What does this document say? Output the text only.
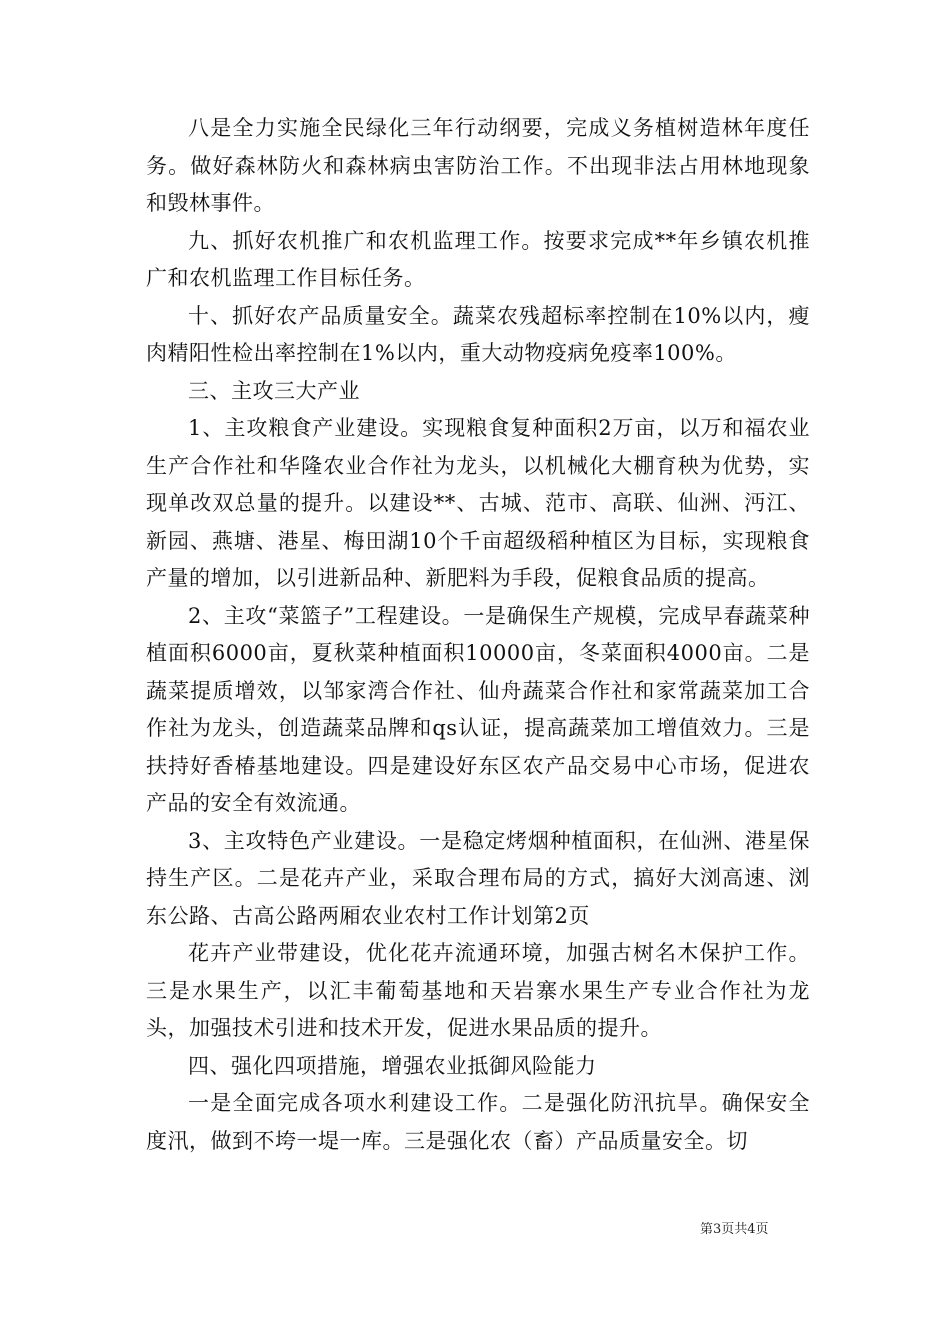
八是全力实施全民绿化三年行动纲要，完成义务植树造林年度任务。做好森林防火和森林病虫害防治工作。不出现非法占用林地现象和毁林事件。

九、抓好农机推广和农机监理工作。按要求完成**年乡镇农机推广和农机监理工作目标任务。

十、抓好农产品质量安全。蔬菜农残超标率控制在10%以内，瘦肉精阳性检出率控制在1%以内，重大动物疫病免疫率100%。

三、主攻三大产业

1、主攻粮食产业建设。实现粮食复种面积2万亩，以万和福农业生产合作社和华隆农业合作社为龙头，以机械化大棚育秧为优势，实现单改双总量的提升。以建设**、古城、范市、高联、仙洲、沔江、新园、燕塘、港星、梅田湖10个千亩超级稻种植区为目标，实现粮食产量的增加，以引进新品种、新肥料为手段，促粮食品质的提高。

2、主攻“菜篮子”工程建设。一是确保生产规模，完成早春蔬菜种植面积6000亩，夏秋菜种植面积10000亩，冬菜面积4000亩。二是蔬菜提质增效，以邹家湾合作社、仙舟蔬菜合作社和家常蔬菜加工合作社为龙头，创造蔬菜品牌和qs认证，提高蔬菜加工增值效力。三是扶持好香椿基地建设。四是建设好东区农产品交易中心市场，促进农产品的安全有效流通。

3、主攻特色产业建设。一是稳定烤烟种植面积，在仙洲、港星保持生产区。二是花卉产业，采取合理布局的方式，搞好大浏高速、浏东公路、古高公路两厢农业农村工作计划第2页

花卉产业带建设，优化花卉流通环境，加强古树名木保护工作。三是水果生产，以汇丰葡萄基地和天岩寨水果生产专业合作社为龙头，加强技术引进和技术开发，促进水果品质的提升。

四、强化四项措施，增强农业抵御风险能力

一是全面完成各项水利建设工作。二是强化防汛抗旱。确保安全度汛，做到不垮一堤一库。三是强化农（畜）产品质量安全。切

第3页共4页
